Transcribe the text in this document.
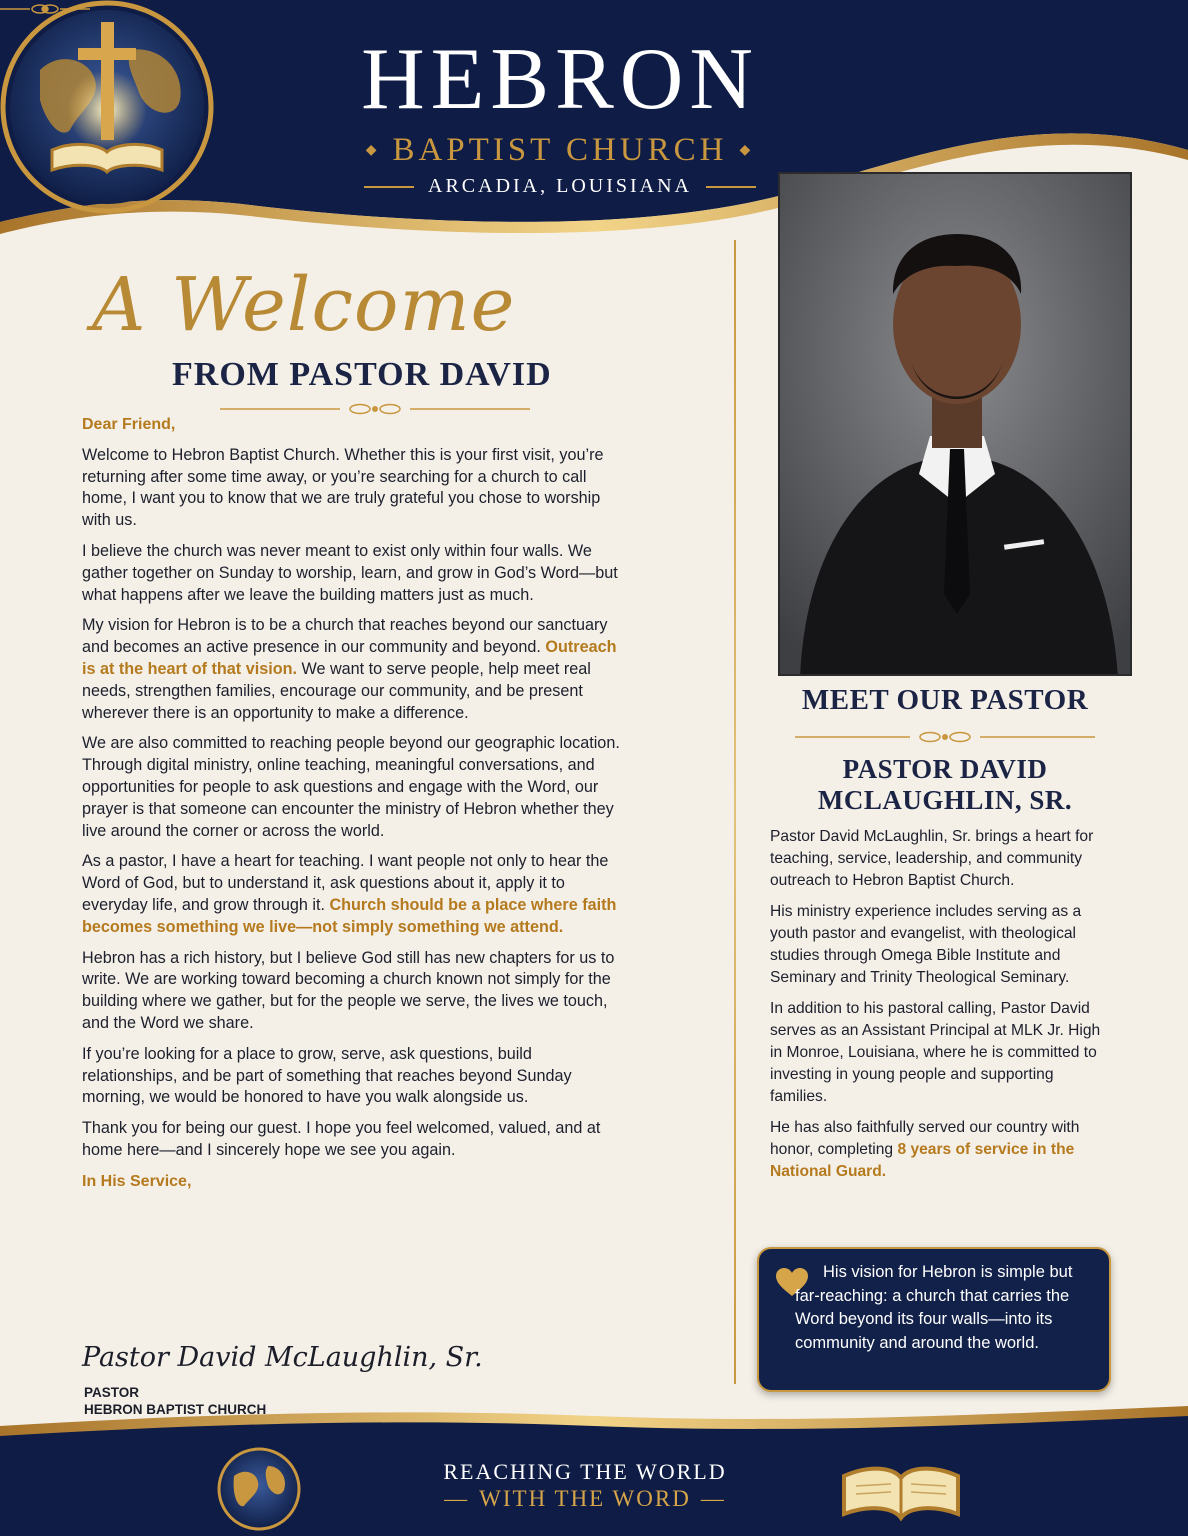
HEBRON
◆ BAPTIST CHURCH ◆
ARCADIA, LOUISIANA
A Welcome
FROM PASTOR DAVID

Dear Friend,

Welcome to Hebron Baptist Church. Whether this is your first visit, you’re returning after some time away, or you’re searching for a church to call home, I want you to know that we are truly grateful you chose to worship with us.

I believe the church was never meant to exist only within four walls. We gather together on Sunday to worship, learn, and grow in God’s Word—but what happens after we leave the building matters just as much.

My vision for Hebron is to be a church that reaches beyond our sanctuary and becomes an active presence in our community and beyond. Outreach is at the heart of that vision. We want to serve people, help meet real needs, strengthen families, encourage our community, and be present wherever there is an opportunity to make a difference.

We are also committed to reaching people beyond our geographic location. Through digital ministry, online teaching, meaningful conversations, and opportunities for people to ask questions and engage with the Word, our prayer is that someone can encounter the ministry of Hebron whether they live around the corner or across the world.

As a pastor, I have a heart for teaching. I want people not only to hear the Word of God, but to understand it, ask questions about it, apply it to everyday life, and grow through it. Church should be a place where faith becomes something we live—not simply something we attend.

Hebron has a rich history, but I believe God still has new chapters for us to write. We are working toward becoming a church known not simply for the building where we gather, but for the people we serve, the lives we touch, and the Word we share.

If you’re looking for a place to grow, serve, ask questions, build relationships, and be part of something that reaches beyond Sunday morning, we would be honored to have you walk alongside us.

Thank you for being our guest. I hope you feel welcomed, valued, and at home here—and I sincerely hope we see you again.

In His Service,

Pastor David McLaughlin, Sr.
PASTOR
HEBRON BAPTIST CHURCH
MEET OUR PASTOR
PASTOR DAVID
MCLAUGHLIN, SR.

Pastor David McLaughlin, Sr. brings a heart for teaching, service, leadership, and community outreach to Hebron Baptist Church.

His ministry experience includes serving as a youth pastor and evangelist, with theological studies through Omega Bible Institute and Seminary and Trinity Theological Seminary.

In addition to his pastoral calling, Pastor David serves as an Assistant Principal at MLK Jr. High in Monroe, Louisiana, where he is committed to investing in young people and supporting families.

He has also faithfully served our country with honor, completing 8 years of service in the National Guard.

His vision for Hebron is simple but far-reaching: a church that carries the Word beyond its four walls—into its community and around the world.
REACHING THE WORLD
— WITH THE WORD —
